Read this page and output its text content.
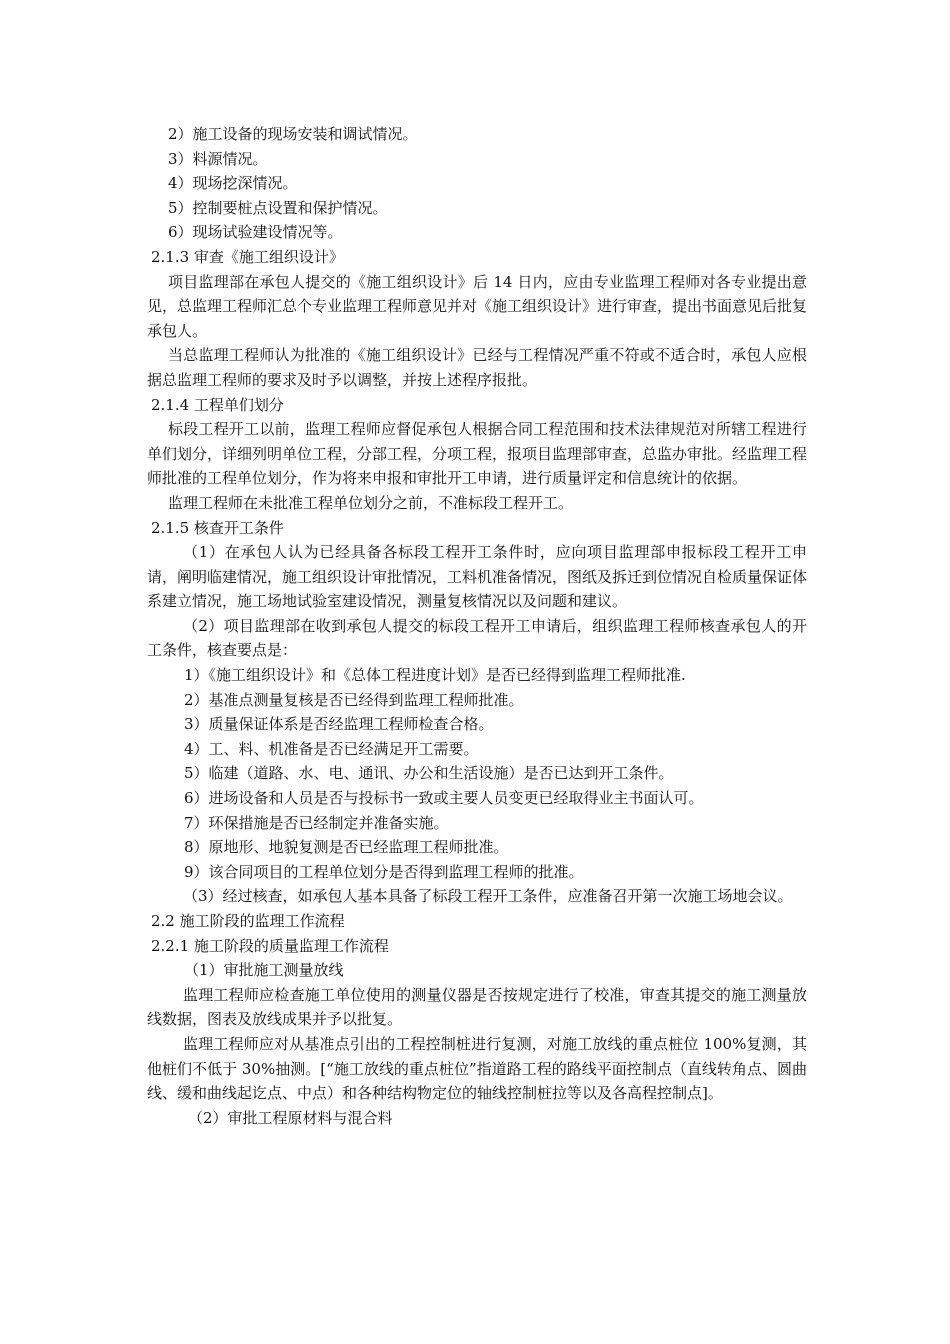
2）施工设备的现场安装和调试情况。

3）料源情况。

4）现场挖深情况。

5）控制要桩点设置和保护情况。

6）现场试验建设情况等。

2.1.3 审查《施工组织设计》

项目监理部在承包人提交的《施工组织设计》后 14 日内，应由专业监理工程师对各专业提出意见，总监理工程师汇总个专业监理工程师意见并对《施工组织设计》进行审查，提出书面意见后批复承包人。

当总监理工程师认为批准的《施工组织设计》已经与工程情况严重不符或不适合时，承包人应根据总监理工程师的要求及时予以调整，并按上述程序报批。

2.1.4 工程单们划分

标段工程开工以前，监理工程师应督促承包人根据合同工程范围和技术法律规范对所辖工程进行单们划分，详细列明单位工程，分部工程，分项工程，报项目监理部审查，总监办审批。经监理工程师批准的工程单位划分，作为将来申报和审批开工申请，进行质量评定和信息统计的依据。

监理工程师在未批准工程单位划分之前，不准标段工程开工。

2.1.5 核查开工条件

（1）在承包人认为已经具备各标段工程开工条件时，应向项目监理部申报标段工程开工申请，阐明临建情况，施工组织设计审批情况，工料机准备情况，图纸及拆迁到位情况自检质量保证体系建立情况，施工场地试验室建设情况，测量复核情况以及问题和建议。

（2）项目监理部在收到承包人提交的标段工程开工申请后，组织监理工程师核查承包人的开工条件，核查要点是：

1）《施工组织设计》和《总体工程进度计划》是否已经得到监理工程师批准.

2）基准点测量复核是否已经得到监理工程师批准。

3）质量保证体系是否经监理工程师检查合格。

4）工、料、机准备是否已经满足开工需要。

5）临建（道路、水、电、通讯、办公和生活设施）是否已达到开工条件。

6）进场设备和人员是否与投标书一致或主要人员变更已经取得业主书面认可。

7）环保措施是否已经制定并准备实施。

8）原地形、地貌复测是否已经监理工程师批准。

9）该合同项目的工程单位划分是否得到监理工程师的批准。

（3）经过核查，如承包人基本具备了标段工程开工条件，应准备召开第一次施工场地会议。

2.2 施工阶段的监理工作流程

2.2.1 施工阶段的质量监理工作流程

（1）审批施工测量放线

监理工程师应检查施工单位使用的测量仪器是否按规定进行了校准，审查其提交的施工测量放线数据，图表及放线成果并予以批复。

监理工程师应对从基准点引出的工程控制桩进行复测，对施工放线的重点桩位 100%复测，其他桩们不低于 30%抽测。[“施工放线的重点桩位”指道路工程的路线平面控制点（直线转角点、圆曲线、缓和曲线起讫点、中点）和各种结构物定位的轴线控制桩拉等以及各高程控制点]。

（2）审批工程原材料与混合料
